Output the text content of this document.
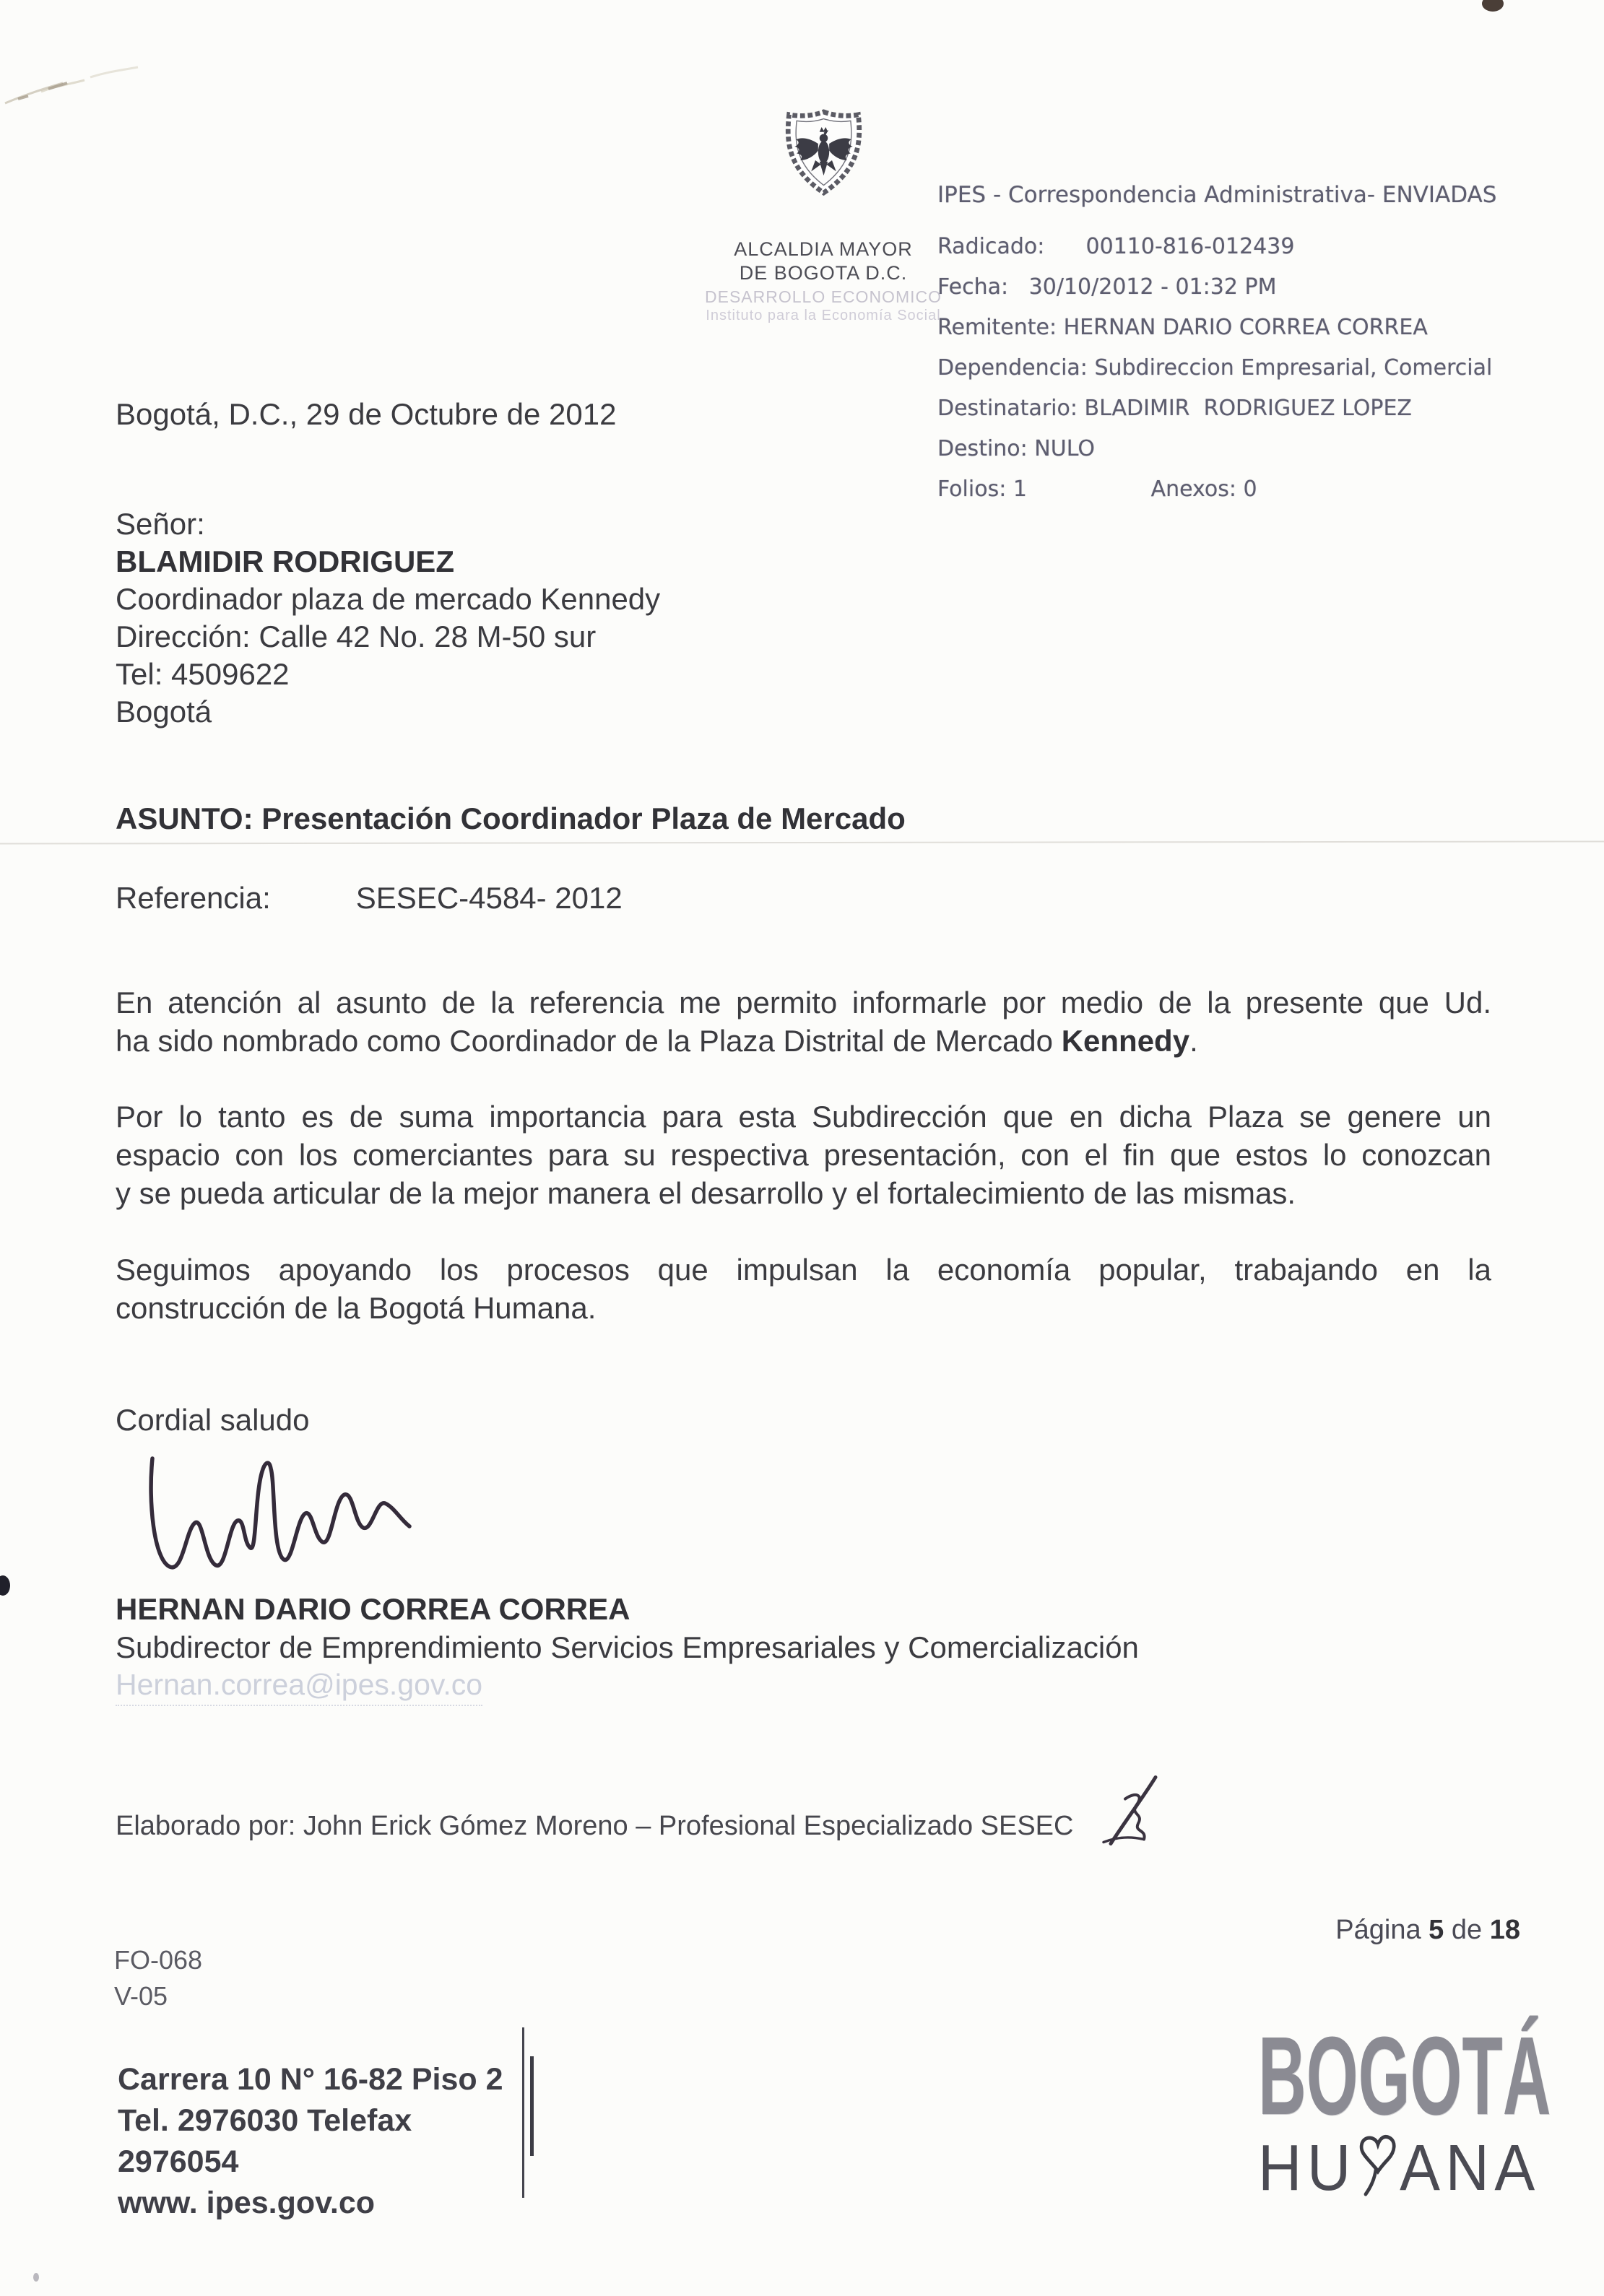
ALCALDIA MAYOR
DE BOGOTA D.C.
DESARROLLO ECONOMICO
Instituto para la Economía Social
IPES - Correspondencia Administrativa- ENVIADAS
Radicado:      00110-816-012439
Fecha:   30/10/2012 - 01:32 PM
Remitente: HERNAN DARIO CORREA CORREA
Dependencia: Subdireccion Empresarial, Comercial
Destinatario: BLADIMIR  RODRIGUEZ LOPEZ
Destino: NULO
Folios: 1                  Anexos: 0
Bogotá, D.C., 29 de Octubre de 2012
Señor:
BLAMIDIR RODRIGUEZ
Coordinador plaza de mercado Kennedy
Dirección: Calle 42 No. 28 M-50 sur
Tel: 4509622
Bogotá
ASUNTO: Presentación Coordinador Plaza de Mercado
Referencia:	SESEC-4584- 2012
En atención al asunto de la referencia me permito informarle por medio de la presente que Ud.
ha sido nombrado como Coordinador de la Plaza Distrital de Mercado Kennedy.
Por lo tanto es de suma importancia para esta Subdirección que en dicha Plaza se genere un
espacio con los comerciantes para su respectiva presentación, con el fin que estos lo conozcan
y se pueda articular de la mejor manera el desarrollo y el fortalecimiento de las mismas.
Seguimos apoyando los procesos que impulsan la economía popular, trabajando en la
construcción de la Bogotá Humana.
Cordial saludo
HERNAN DARIO CORREA CORREA
Subdirector de Emprendimiento Servicios Empresariales y Comercialización
Hernan.correa@ipes.gov.co
Elaborado por: John Erick Gómez Moreno – Profesional Especializado SESEC
Página 5 de 18
FO-068
V-05
Carrera 10 N° 16-82 Piso 2
Tel. 2976030 Telefax
2976054
www. ipes.gov.co
BOGOTÁ
HU ANA
